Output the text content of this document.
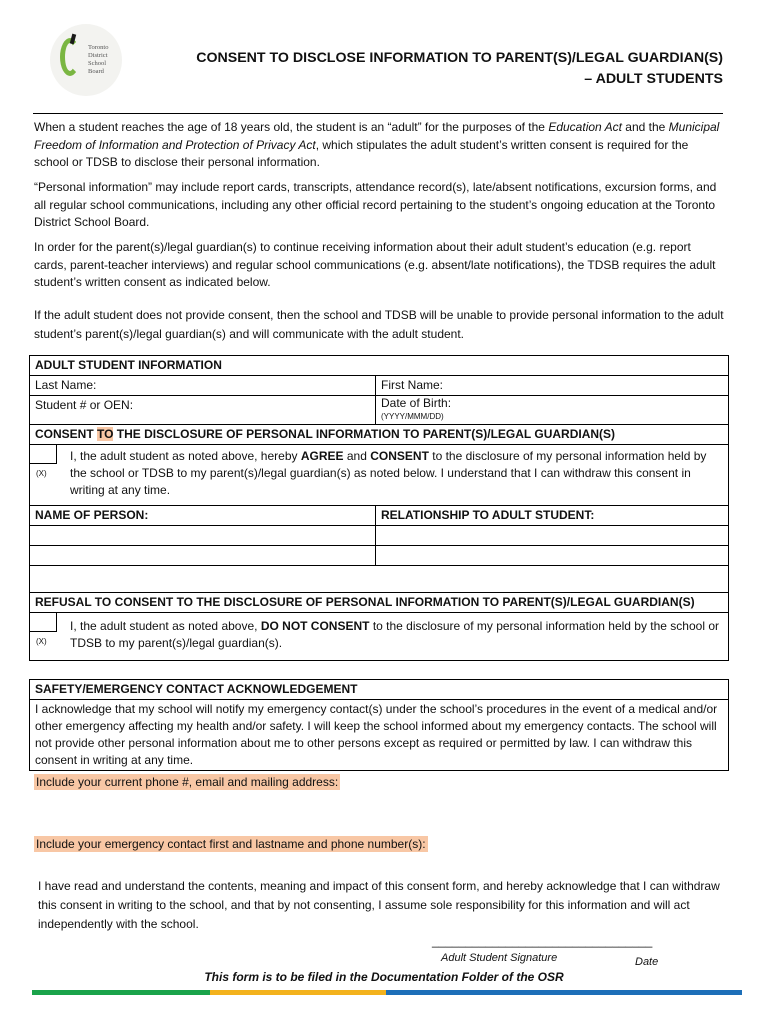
Toronto
District
School
Board
CONSENT TO DISCLOSE INFORMATION TO PARENT(S)/LEGAL GUARDIAN(S)
– ADULT STUDENTS
When a student reaches the age of 18 years old, the student is an “adult” for the purposes of the Education Act and the Municipal Freedom of Information and Protection of Privacy Act, which stipulates the adult student’s written consent is required for the school or TDSB to disclose their personal information.
“Personal information” may include report cards, transcripts, attendance record(s), late/absent notifications, excursion forms, and all regular school communications, including any other official record pertaining to the student’s ongoing education at the Toronto District School Board.
In order for the parent(s)/legal guardian(s) to continue receiving information about their adult student’s education (e.g. report cards, parent-teacher interviews) and regular school communications (e.g. absent/late notifications), the TDSB requires the adult student’s written consent as indicated below.
If the adult student does not provide consent, then the school and TDSB will be unable to provide personal information to the adult student’s parent(s)/legal guardian(s) and will communicate with the adult student.
ADULT STUDENT INFORMATION	
Last Name:	First Name:
Student # or OEN:	Date of Birth:
(YYYY/MMM/DD)

CONSENT TO THE DISCLOSURE OF PERSONAL INFORMATION TO PARENT(S)/LEGAL GUARDIAN(S)	

(X)
I, the adult student as noted above, hereby AGREE and CONSENT to the disclosure of my personal information held by the school or TDSB to my parent(s)/legal guardian(s) as noted below. I understand that I can withdraw this consent in writing at any time.	

NAME OF PERSON:	RELATIONSHIP TO ADULT STUDENT:

REFUSAL TO CONSENT TO THE DISCLOSURE OF PERSONAL INFORMATION TO PARENT(S)/LEGAL GUARDIAN(S)	

(X)
I, the adult student as noted above, DO NOT CONSENT to the disclosure of my personal information held by the school or TDSB to my parent(s)/legal guardian(s).	
SAFETY/EMERGENCY CONTACT ACKNOWLEDGEMENT
I acknowledge that my school will notify my emergency contact(s) under the school’s procedures in the event of a medical and/or other emergency affecting my health and/or safety. I will keep the school informed about my emergency contacts. The school will not provide other personal information about me to other persons except as required or permitted by law. I can withdraw this consent in writing at any time.
Include your current phone #, email and mailing address:
Include your emergency contact first and lastname and phone number(s):
I have read and understand the contents, meaning and impact of this consent form, and hereby acknowledge that I can withdraw this consent in writing to the school, and that by not consenting, I assume sole responsibility for this information and will act independently with the school.
_________________________________
Adult Student Signature	Date
This form is to be filed in the Documentation Folder of the OSR
